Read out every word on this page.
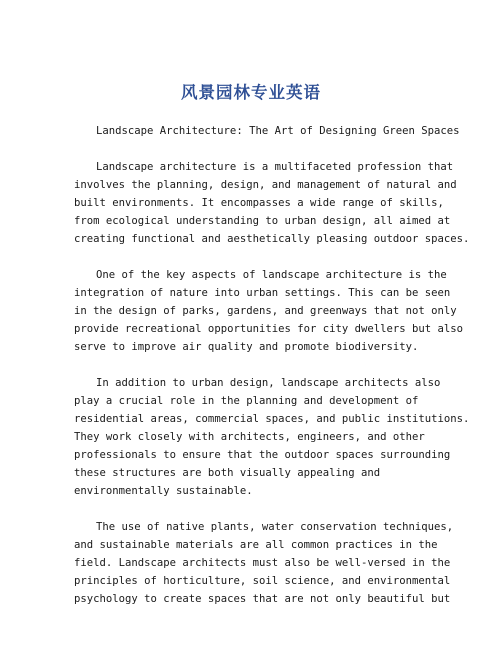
风景园林专业英语
Landscape Architecture: The Art of Designing Green Spaces
Landscape architecture is a multifaceted profession that
involves the planning, design, and management of natural and
built environments. It encompasses a wide range of skills,
from ecological understanding to urban design, all aimed at
creating functional and aesthetically pleasing outdoor spaces.
One of the key aspects of landscape architecture is the
integration of nature into urban settings. This can be seen
in the design of parks, gardens, and greenways that not only
provide recreational opportunities for city dwellers but also
serve to improve air quality and promote biodiversity.
In addition to urban design, landscape architects also
play a crucial role in the planning and development of
residential areas, commercial spaces, and public institutions.
They work closely with architects, engineers, and other
professionals to ensure that the outdoor spaces surrounding
these structures are both visually appealing and
environmentally sustainable.
The use of native plants, water conservation techniques,
and sustainable materials are all common practices in the
field. Landscape architects must also be well-versed in the
principles of horticulture, soil science, and environmental
psychology to create spaces that are not only beautiful but
